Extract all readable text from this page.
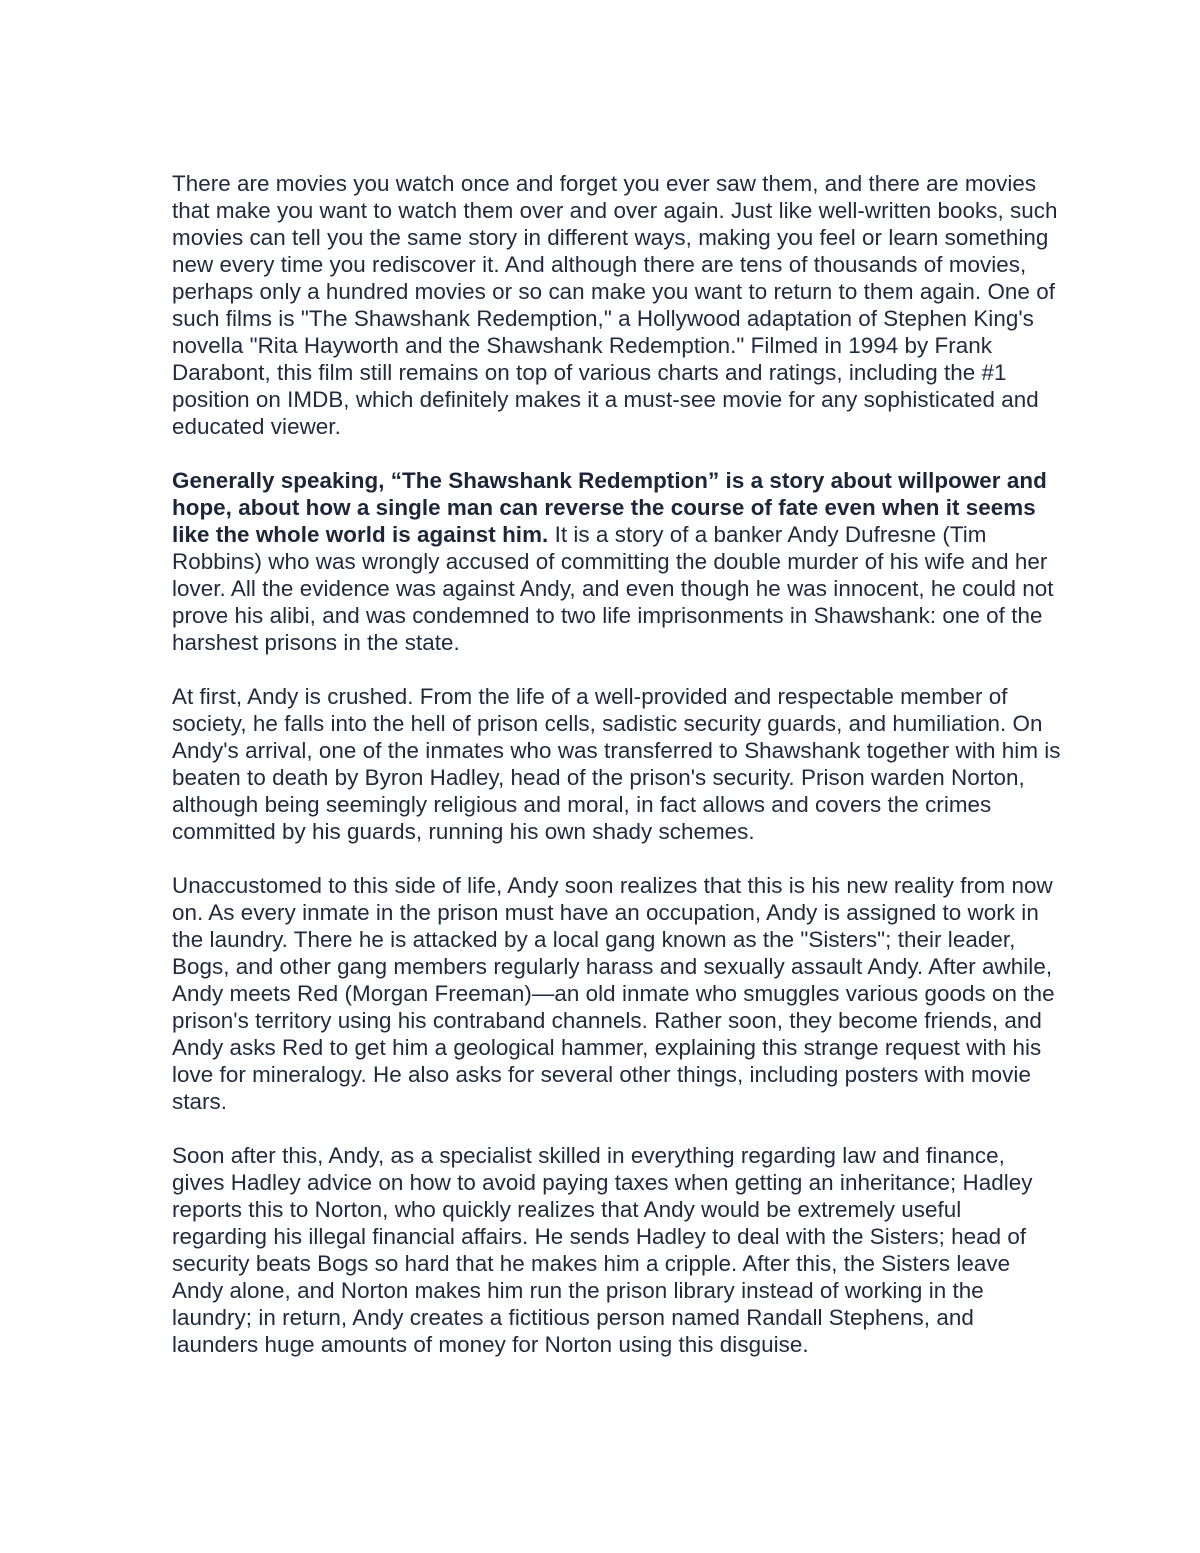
There are movies you watch once and forget you ever saw them, and there are movies that make you want to watch them over and over again. Just like well-written books, such movies can tell you the same story in different ways, making you feel or learn something new every time you rediscover it. And although there are tens of thousands of movies, perhaps only a hundred movies or so can make you want to return to them again. One of such films is "The Shawshank Redemption," a Hollywood adaptation of Stephen King's novella "Rita Hayworth and the Shawshank Redemption." Filmed in 1994 by Frank Darabont, this film still remains on top of various charts and ratings, including the #1 position on IMDB, which definitely makes it a must-see movie for any sophisticated and educated viewer.

Generally speaking, “The Shawshank Redemption” is a story about willpower and hope, about how a single man can reverse the course of fate even when it seems like the whole world is against him. It is a story of a banker Andy Dufresne (Tim Robbins) who was wrongly accused of committing the double murder of his wife and her lover. All the evidence was against Andy, and even though he was innocent, he could not prove his alibi, and was condemned to two life imprisonments in Shawshank: one of the harshest prisons in the state.

At first, Andy is crushed. From the life of a well-provided and respectable member of society, he falls into the hell of prison cells, sadistic security guards, and humiliation. On Andy's arrival, one of the inmates who was transferred to Shawshank together with him is beaten to death by Byron Hadley, head of the prison's security. Prison warden Norton, although being seemingly religious and moral, in fact allows and covers the crimes committed by his guards, running his own shady schemes.

Unaccustomed to this side of life, Andy soon realizes that this is his new reality from now on. As every inmate in the prison must have an occupation, Andy is assigned to work in the laundry. There he is attacked by a local gang known as the "Sisters"; their leader, Bogs, and other gang members regularly harass and sexually assault Andy. After awhile, Andy meets Red (Morgan Freeman)—an old inmate who smuggles various goods on the prison's territory using his contraband channels. Rather soon, they become friends, and Andy asks Red to get him a geological hammer, explaining this strange request with his love for mineralogy. He also asks for several other things, including posters with movie stars.

Soon after this, Andy, as a specialist skilled in everything regarding law and finance, gives Hadley advice on how to avoid paying taxes when getting an inheritance; Hadley reports this to Norton, who quickly realizes that Andy would be extremely useful regarding his illegal financial affairs. He sends Hadley to deal with the Sisters; head of security beats Bogs so hard that he makes him a cripple. After this, the Sisters leave Andy alone, and Norton makes him run the prison library instead of working in the laundry; in return, Andy creates a fictitious person named Randall Stephens, and launders huge amounts of money for Norton using this disguise.
